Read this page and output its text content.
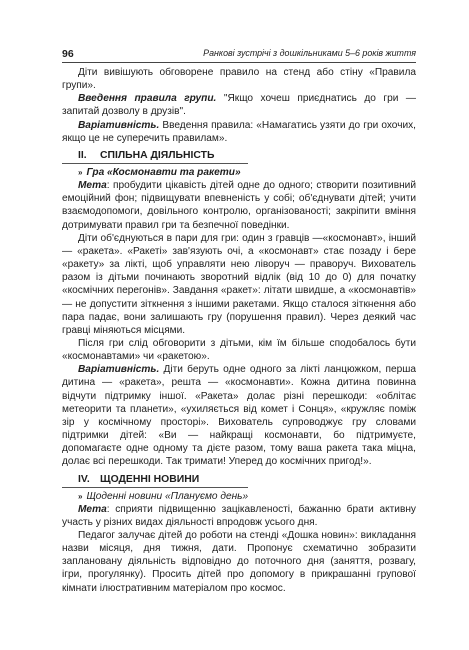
96	Ранкові зустрічі з дошкільниками 5–6 років життя

Діти вивішують обговорене правило на стенд або стіну «Правила групи».

Введення правила групи. "Якщо хочеш приєднатись до гри — запитай дозволу в друзів".

Варіативність. Введення правила: «Намагатись узяти до гри охочих, якщо це не суперечить правилам».

II. СПІЛЬНА ДІЯЛЬНІСТЬ

» Гра «Космонавти та ракети»

Мета: пробудити цікавість дітей одне до одного; створити позитивний емоційний фон; підвищувати впевненість у собі; об'єднувати дітей; учити взаємодопомоги, довільного контролю, організованості; закріпити вміння дотримувати правил гри та безпечної поведінки.

Діти об'єднуються в пари для гри: один з гравців —«космонавт», інший — «ракета». «Ракеті» зав'язують очі, а «космонавт» стає позаду і бере «ракету» за лікті, щоб управляти нею ліворуч — праворуч. Вихователь разом із дітьми починають зворотний відлік (від 10 до 0) для початку «космічних перегонів». Завдання «ракет»: літати швидше, а «космонавтів» — не допустити зіткнення з іншими ракетами. Якщо сталося зіткнення або пара падає, вони залишають гру (порушення правил). Через деякий час гравці міняються місцями.

Після гри слід обговорити з дітьми, кім їм більше сподобалось бути «космонавтами» чи «ракетою».

Варіативність. Діти беруть одне одного за лікті ланцюжком, перша дитина — «ракета», решта — «космонавти». Кожна дитина повинна відчути підтримку іншої. «Ракета» долає різні перешкоди: «облітає метеорити та планети», «ухиляється від комет і Сонця», «кружляє поміж зір у космічному просторі». Вихователь супроводжує гру словами підтримки дітей: «Ви — найкращі космонавти, бо підтримуєте, допомагаєте одне одному та дієте разом, тому ваша ракета така міцна, долає всі перешкоди. Так тримати! Уперед до космічних пригод!».

IV. ЩОДЕННІ НОВИНИ

» Щоденні новини «Плануємо день»

Мета: сприяти підвищенню зацікавленості, бажанню брати активну участь у різних видах діяльності впродовж усього дня.

Педагог залучає дітей до роботи на стенді «Дошка новин»: викладання назви місяця, дня тижня, дати. Пропонує схематично зобразити заплановану діяльність відповідно до поточного дня (заняття, розвагу, ігри, прогулянку). Просить дітей про допомогу в прикрашанні групової кімнати ілюстративним матеріалом про космос.
